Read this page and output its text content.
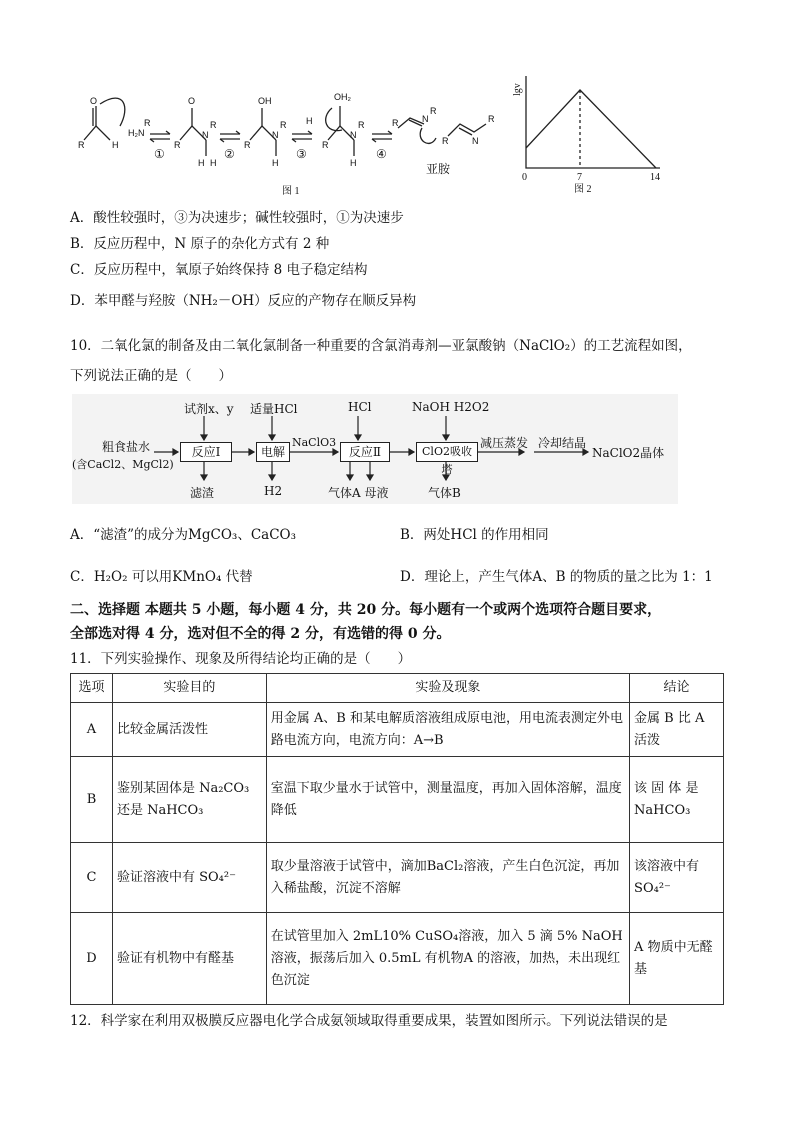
O
R	H
H₂N
R
O
R
N
R
H H
OH
R
N
R
H
OH₂
R
N
R
H
R	N
R
R	N
R
H
①	②	③	④
亚胺
图 1
lgv
0	7	14
图 2
A．酸性较强时，③为决速步；碱性较强时，①为决速步
B．反应历程中，N 原子的杂化方式有 2 种
C．反应历程中，氧原子始终保持 8 电子稳定结构
D．苯甲醛与羟胺（NH₂－OH）反应的产物存在顺反异构
10．二氧化氯的制备及由二氧化氯制备一种重要的含氯消毒剂—亚氯酸钠（NaClO₂）的工艺流程如图，
下列说法正确的是（　　）
粗食盐水
(含CaCl2、MgCl2)
反应Ⅰ	电解	反应Ⅱ	ClO2吸收塔
试剂x、y 适量HCl	HCl	NaOH H2O2
NaClO3
滤渣	H2	气体A 母液	气体B
减压蒸发 冷却结晶
NaClO2晶体
A．“滤渣”的成分为MgCO₃、CaCO₃	B．两处HCl 的作用相同
C．H₂O₂ 可以用KMnO₄ 代替	D．理论上，产生气体A、B 的物质的量之比为 1：1
二、选择题 本题共 5 小题，每小题 4 分，共 20 分。每小题有一个或两个选项符合题目要求，
全部选对得 4 分，选对但不全的得 2 分，有选错的得 0 分。
11．下列实验操作、现象及所得结论均正确的是（　　）
选项	实验目的	实验及现象	结论
A	比较金属活泼性	用金属 A、B 和某电解质溶液组成原电池，用电流表测定外电路电流方向，电流方向：A→B	金属 B 比 A 活泼
B	鉴别某固体是 Na₂CO₃ 还是 NaHCO₃	室温下取少量水于试管中，测量温度，再加入固体溶解，温度降低	该 固 体 是 NaHCO₃
C	验证溶液中有 SO₄²⁻	取少量溶液于试管中，滴加BaCl₂溶液，产生白色沉淀，再加入稀盐酸，沉淀不溶解	该溶液中有 SO₄²⁻
D	验证有机物中有醛基	在试管里加入 2mL10% CuSO₄溶液，加入 5 滴 5% NaOH 溶液，振荡后加入 0.5mL 有机物A 的溶液，加热，未出现红色沉淀	A 物质中无醛基
12．科学家在利用双极膜反应器电化学合成氨领域取得重要成果，装置如图所示。下列说法错误的是
